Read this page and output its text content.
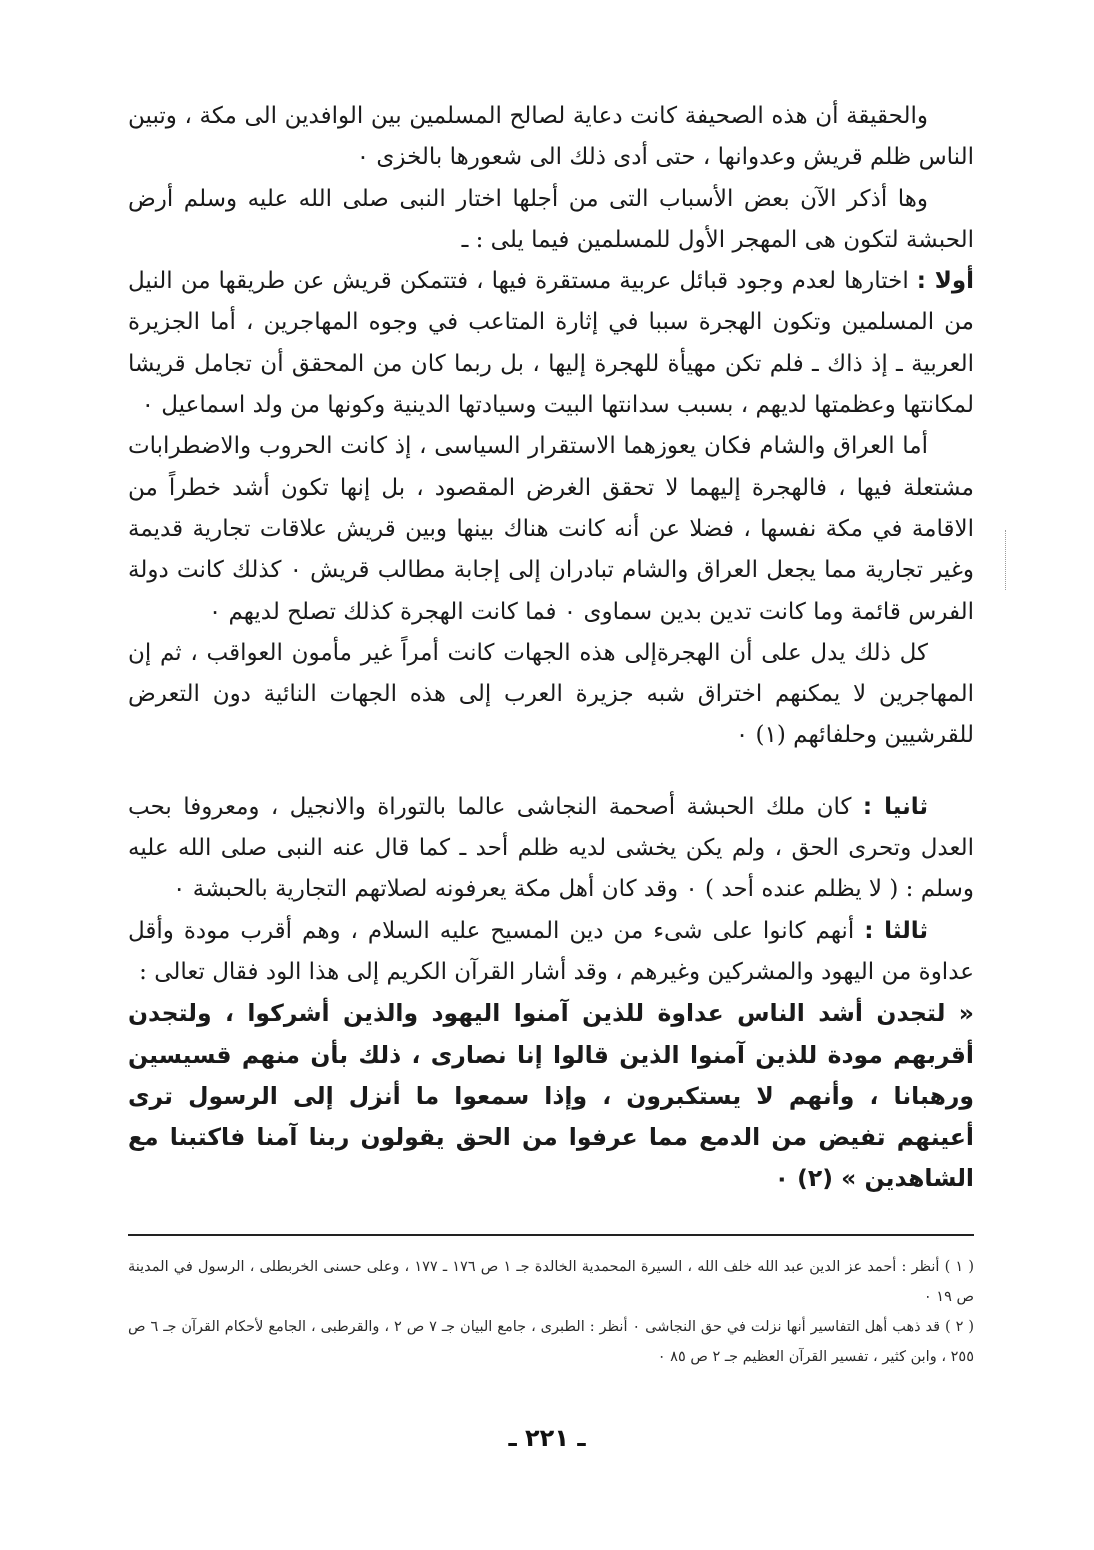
والحقيقة أن هذه الصحيفة كانت دعاية لصالح المسلمين بين الوافدين الى مكة ، وتبين الناس ظلم قريش وعدوانها ، حتى أدى ذلك الى شعورها بالخزى ٠

وها أذكر الآن بعض الأسباب التى من أجلها اختار النبى صلى الله عليه وسلم أرض الحبشة لتكون هى المهجر الأول للمسلمين فيما يلى : ـ

أولا : اختارها لعدم وجود قبائل عربية مستقرة فيها ، فتتمكن قريش عن طريقها من النيل من المسلمين وتكون الهجرة سببا في إثارة المتاعب في وجوه المهاجرين ، أما الجزيرة العربية ـ إذ ذاك ـ فلم تكن مهيأة للهجرة إليها ، بل ربما كان من المحقق أن تجامل قريشا لمكانتها وعظمتها لديهم ، بسبب سدانتها البيت وسيادتها الدينية وكونها من ولد اسماعيل ٠

أما العراق والشام فكان يعوزهما الاستقرار السياسى ، إذ كانت الحروب والاضطرابات مشتعلة فيها ، فالهجرة إليهما لا تحقق الغرض المقصود ، بل إنها تكون أشد خطراً من الاقامة في مكة نفسها ، فضلا عن أنه كانت هناك بينها وبين قريش علاقات تجارية قديمة وغير تجارية مما يجعل العراق والشام تبادران إلى إجابة مطالب قريش ٠ كذلك كانت دولة الفرس قائمة وما كانت تدين بدين سماوى ٠ فما كانت الهجرة كذلك تصلح لديهم ٠

كل ذلك يدل على أن الهجرةإلى هذه الجهات كانت أمراً غير مأمون العواقب ، ثم إن المهاجرين لا يمكنهم اختراق شبه جزيرة العرب إلى هذه الجهات النائية دون التعرض للقرشيين وحلفائهم (١) ٠

ثانيا : كان ملك الحبشة أصحمة النجاشى عالما بالتوراة والانجيل ، ومعروفا بحب العدل وتحرى الحق ، ولم يكن يخشى لديه ظلم أحد ـ كما قال عنه النبى صلى الله عليه وسلم : ( لا يظلم عنده أحد ) ٠ وقد كان أهل مكة يعرفونه لصلاتهم التجارية بالحبشة ٠

ثالثا : أنهم كانوا على شىء من دين المسيح عليه السلام ، وهم أقرب مودة وأقل عداوة من اليهود والمشركين وغيرهم ، وقد أشار القرآن الكريم إلى هذا الود فقال تعالى :

« لتجدن أشد الناس عداوة للذين آمنوا اليهود والذين أشركوا ، ولتجدن أقربهم مودة للذين آمنوا الذين قالوا إنا نصارى ، ذلك بأن منهم قسيسين ورهبانا ، وأنهم لا يستكبرون ، وإذا سمعوا ما أنزل إلى الرسول ترى أعينهم تفيض من الدمع مما عرفوا من الحق يقولون ربنا آمنا فاكتبنا مع الشاهدين » (٢) ٠

( ١ ) أنظر : أحمد عز الدين عبد الله خلف الله ، السيرة المحمدية الخالدة جـ ١ ص ١٧٦ ـ ١٧٧ ، وعلى حسنى الخربطلى ، الرسول في المدينة ص ١٩ ٠

( ٢ ) قد ذهب أهل التفاسير أنها نزلت في حق النجاشى ٠ أنظر : الطبرى ، جامع البيان جـ ٧ ص ٢ ، والقرطبى ، الجامع لأحكام القرآن جـ ٦ ص ٢٥٥ ، وابن كثير ، تفسير القرآن العظيم جـ ٢ ص ٨٥ ٠

ـ ٢٢١ ـ
